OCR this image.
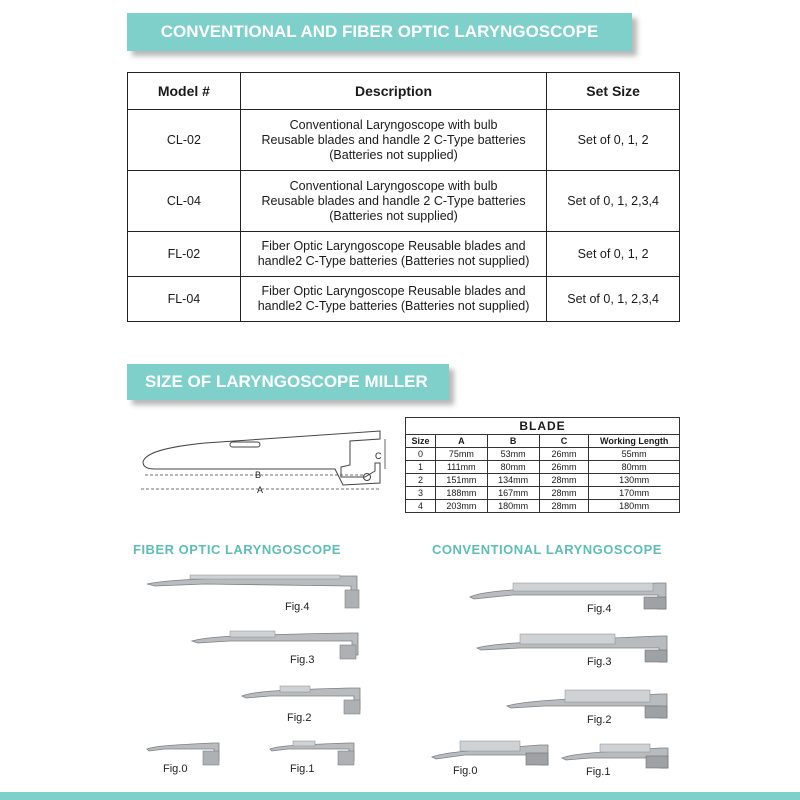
CONVENTIONAL AND FIBER OPTIC LARYNGOSCOPE
Model #	Description	Set Size
CL-02	Conventional Laryngoscope with bulb
Reusable blades and handle 2 C-Type batteries
(Batteries not supplied)	Set of 0, 1, 2
CL-04	Conventional Laryngoscope with bulb
Reusable blades and handle 2 C-Type batteries
(Batteries not supplied)	Set of 0, 1, 2,3,4
FL-02	Fiber Optic Laryngoscope Reusable blades and
handle2 C-Type batteries (Batteries not supplied)	Set of 0, 1, 2
FL-04	Fiber Optic Laryngoscope Reusable blades and
handle2 C-Type batteries (Batteries not supplied)	Set of 0, 1, 2,3,4
SIZE OF LARYNGOSCOPE MILLER
C
B
A
BLADE				
Size	A	B	C	Working Length
0	75mm	53mm	26mm	55mm
1	111mm	80mm	26mm	80mm
2	151mm	134mm	28mm	130mm
3	188mm	167mm	28mm	170mm
4	203mm	180mm	28mm	180mm
FIBER OPTIC LARYNGOSCOPE	CONVENTIONAL LARYNGOSCOPE
Fig.4
Fig.3
Fig.2
Fig.0	Fig.1
Fig.4
Fig.3
Fig.2
Fig.0	Fig.1
